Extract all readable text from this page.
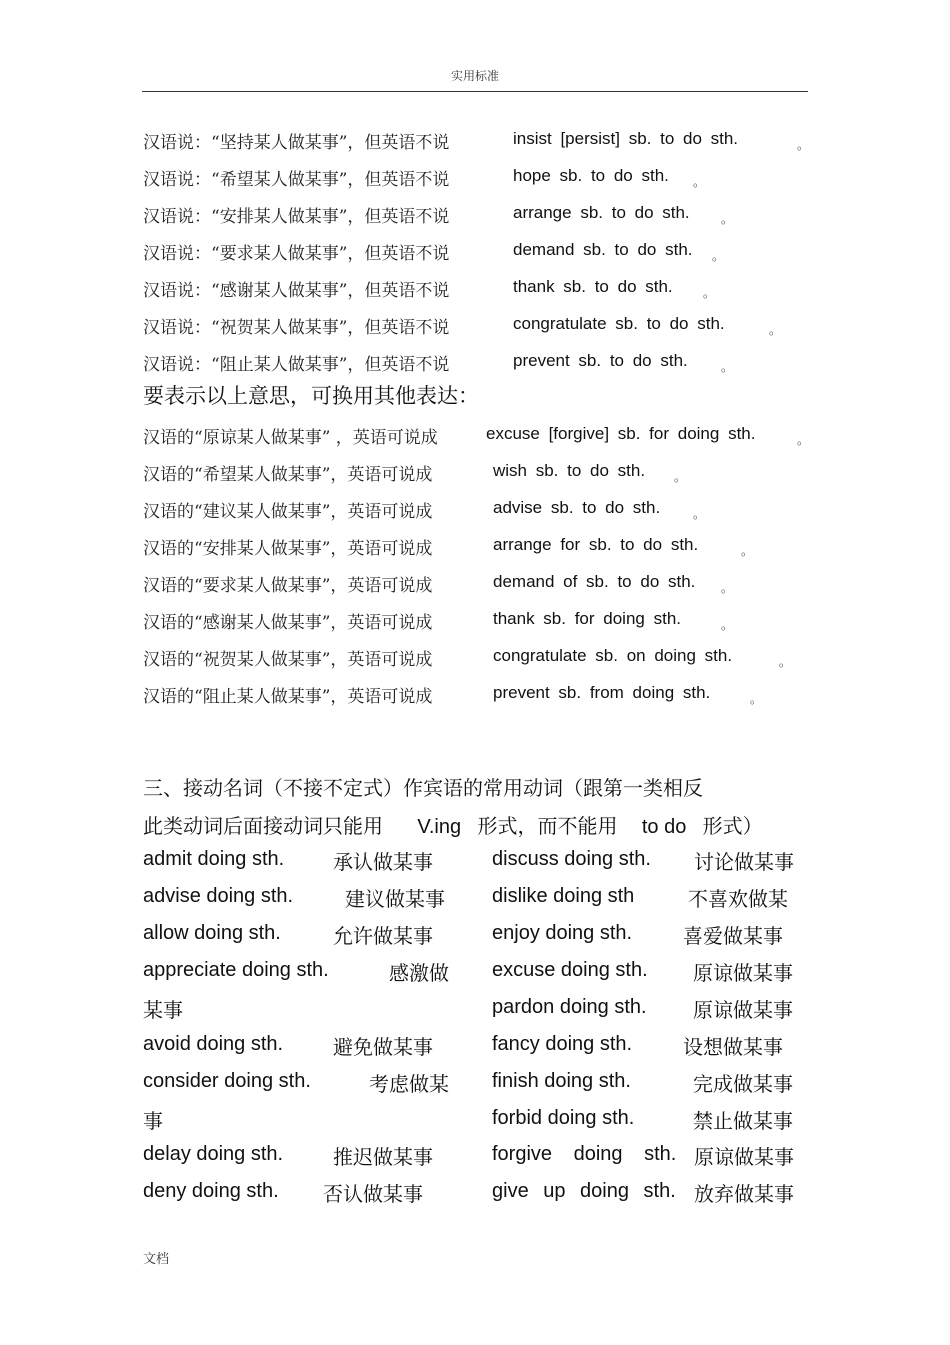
实用标准
汉语说：“坚持某人做某事”，但英语不说	insist [persist] sb. to do sth.	。
汉语说：“希望某人做某事”，但英语不说	hope sb. to do sth. 。
汉语说：“安排某人做某事”，但英语不说	arrange sb. to do sth.	。
汉语说：“要求某人做某事”，但英语不说	demand sb. to do sth. 。
汉语说：“感谢某人做某事”，但英语不说	thank sb. to do sth.	。
汉语说：“祝贺某人做某事”，但英语不说	congratulate sb. to do sth.	。
汉语说：“阻止某人做某事”，但英语不说	prevent sb. to do sth.	。
要表示以上意思，可换用其他表达：
汉语的“原谅某人做某事” ，英语可说成	excuse [forgive] sb. for doing sth.	。
汉语的“希望某人做某事”，英语可说成	wish sb. to do sth. 。
汉语的“建议某人做某事”，英语可说成	advise sb. to do sth.	。
汉语的“安排某人做某事”，英语可说成	arrange for sb. to do sth.	。
汉语的“要求某人做某事”，英语可说成	demand of sb. to do sth. 。
汉语的“感谢某人做某事”，英语可说成	thank sb. for doing sth.	。
汉语的“祝贺某人做某事”，英语可说成	congratulate sb. on doing sth.	。
汉语的“阻止某人做某事”，英语可说成	prevent sb. from doing sth.	。
三、接动名词（不接不定式）作宾语的常用动词（跟第一类相反
此类动词后面接动词只能用 V.ing 形式，而不能用 to do 形式）
admit doing sth. 承认做某事
advise doing sth.	建议做某事
allow doing sth.	允许做某事
appreciate doing sth.	感激做
某事
avoid doing sth. 避免做某事
consider doing sth.	考虑做某
事
delay doing sth. 推迟做某事
deny doing sth. 否认做某事
discuss doing sth. 讨论做某事
dislike doing sth	不喜欢做某
enjoy doing sth.	喜爱做某事
excuse doing sth. 原谅做某事
pardon doing sth. 原谅做某事
fancy doing sth.	设想做某事
finish doing sth.	完成做某事
forbid doing sth.	禁止做某事
forgive doing sth. 原谅做某事
give up doing sth. 放弃做某事
文档
